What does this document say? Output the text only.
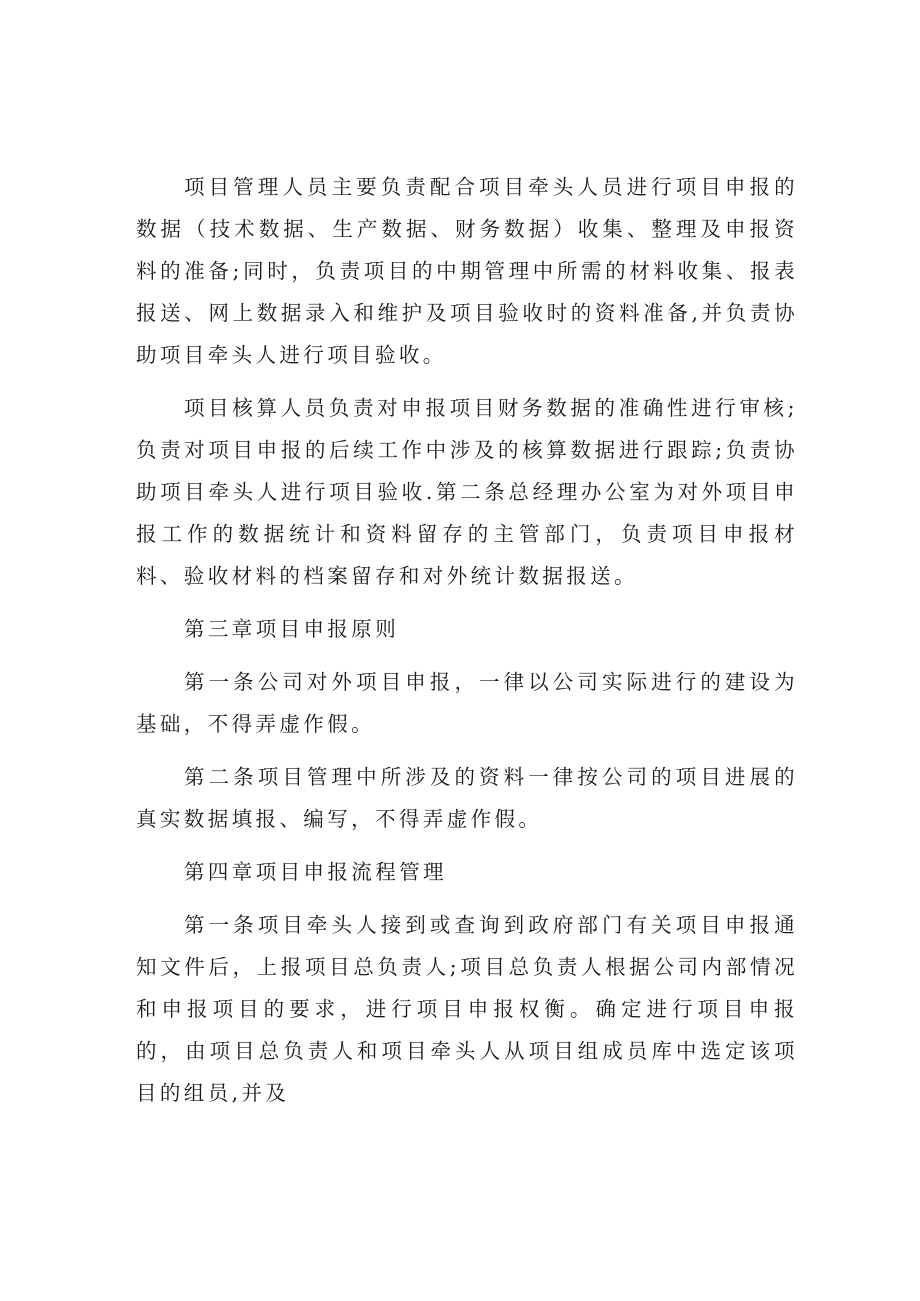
项目管理人员主要负责配合项目牵头人员进行项目申报的数据（技术数据、生产数据、财务数据）收集、整理及申报资料的准备;同时，负责项目的中期管理中所需的材料收集、报表报送、网上数据录入和维护及项目验收时的资料准备,并负责协助项目牵头人进行项目验收。

项目核算人员负责对申报项目财务数据的准确性进行审核;负责对项目申报的后续工作中涉及的核算数据进行跟踪;负责协助项目牵头人进行项目验收.第二条总经理办公室为对外项目申报工作的数据统计和资料留存的主管部门，负责项目申报材料、验收材料的档案留存和对外统计数据报送。

第三章项目申报原则

第一条公司对外项目申报，一律以公司实际进行的建设为基础，不得弄虚作假。

第二条项目管理中所涉及的资料一律按公司的项目进展的真实数据填报、编写，不得弄虚作假。

第四章项目申报流程管理

第一条项目牵头人接到或查询到政府部门有关项目申报通知文件后，上报项目总负责人;项目总负责人根据公司内部情况和申报项目的要求，进行项目申报权衡。确定进行项目申报的，由项目总负责人和项目牵头人从项目组成员库中选定该项目的组员,并及
